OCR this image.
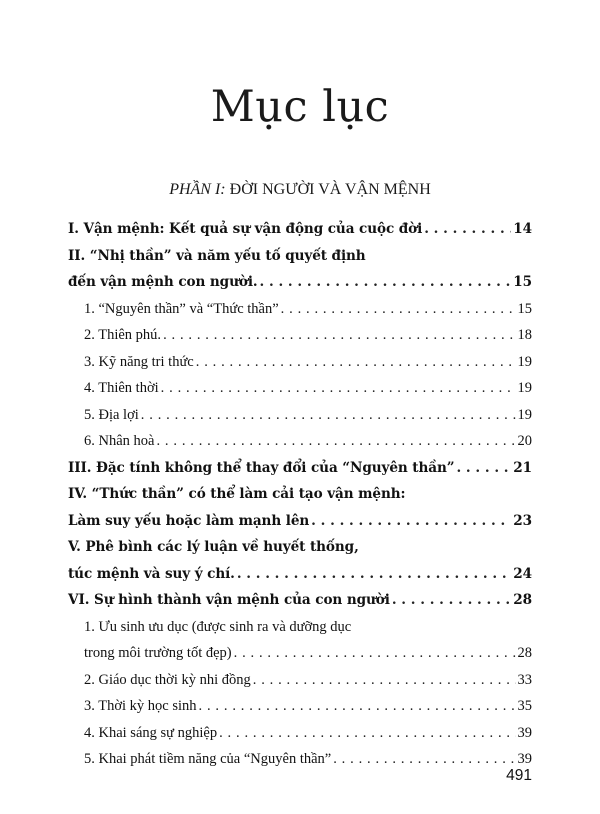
Mục lục
PHẦN I: ĐỜI NGƯỜI VÀ VẬN MỆNH
I. Vận mệnh: Kết quả sự vận động của cuộc đời . . .	14
II. “Nhị thần” và năm yếu tố quyết định
đến vận mệnh con người. . . .	15
1. “Nguyên thần” và “Thức thần” . . .	15
2. Thiên phú. . . .	18
3. Kỹ năng tri thức . . .	19
4. Thiên thời . . .	19
5. Địa lợi . . .	19
6. Nhân hoà . . .	20
III. Đặc tính không thể thay đổi của “Nguyên thần” . . .	21
IV. “Thức thần” có thể làm cải tạo vận mệnh:
Làm suy yếu hoặc làm mạnh lên . . .	23
V. Phê bình các lý luận về huyết thống,
túc mệnh và suy ý chí. . . .	24
VI. Sự hình thành vận mệnh của con người . . .	28
1. Ưu sinh ưu dục (được sinh ra và dưỡng dục
trong môi trường tốt đẹp) . . .	28
2. Giáo dục thời kỳ nhi đồng . . .	33
3. Thời kỳ học sinh . . .	35
4. Khai sáng sự nghiệp . . .	39
5. Khai phát tiềm năng của “Nguyên thần” . . .	39
491
